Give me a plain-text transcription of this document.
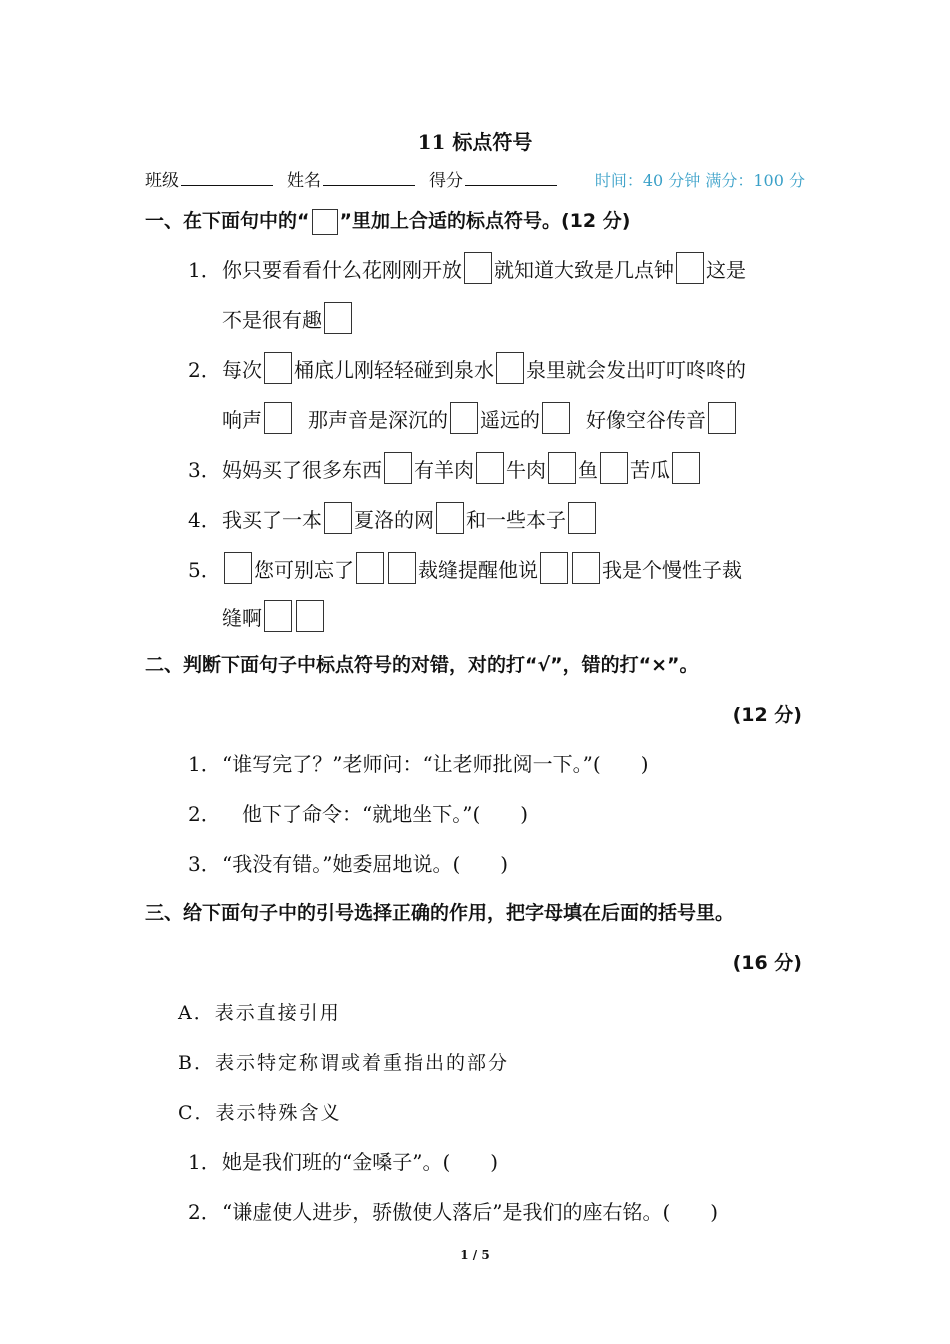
11 标点符号
班级	姓名	得分	时间：40 分钟 满分：100 分
一、在下面句中的“ ”里加上合适的标点符号。(12 分)
1． 你只要看看什么花刚刚开放 就知道大致是几点钟 这是
不是很有趣
2． 每次 桶底儿刚轻轻碰到泉水 泉里就会发出叮叮咚咚的
响声 那声音是深沉的 遥远的 好像空谷传音
3． 妈妈买了很多东西 有羊肉 牛肉 鱼 苦瓜
4． 我买了一本 夏洛的网 和一些本子
5． 您可别忘了	裁缝提醒他说	我是个慢性子裁
缝啊
二、判断下面句子中标点符号的对错，对的打“√”，错的打“×”。
(12 分)
1． “谁写完了？”老师问：“让老师批阅一下。”(　　)
2． 　他下了命令：“就地坐下。”(　　)
3． “我没有错。”她委屈地说。(　　)
三、给下面句子中的引号选择正确的作用，把字母填在后面的括号里。
(16 分)
A．表示直接引用
B．表示特定称谓或着重指出的部分
C．表示特殊含义
1． 她是我们班的“金嗓子”。(　　)
2． “谦虚使人进步，骄傲使人落后”是我们的座右铭。(　　)
1 / 5
